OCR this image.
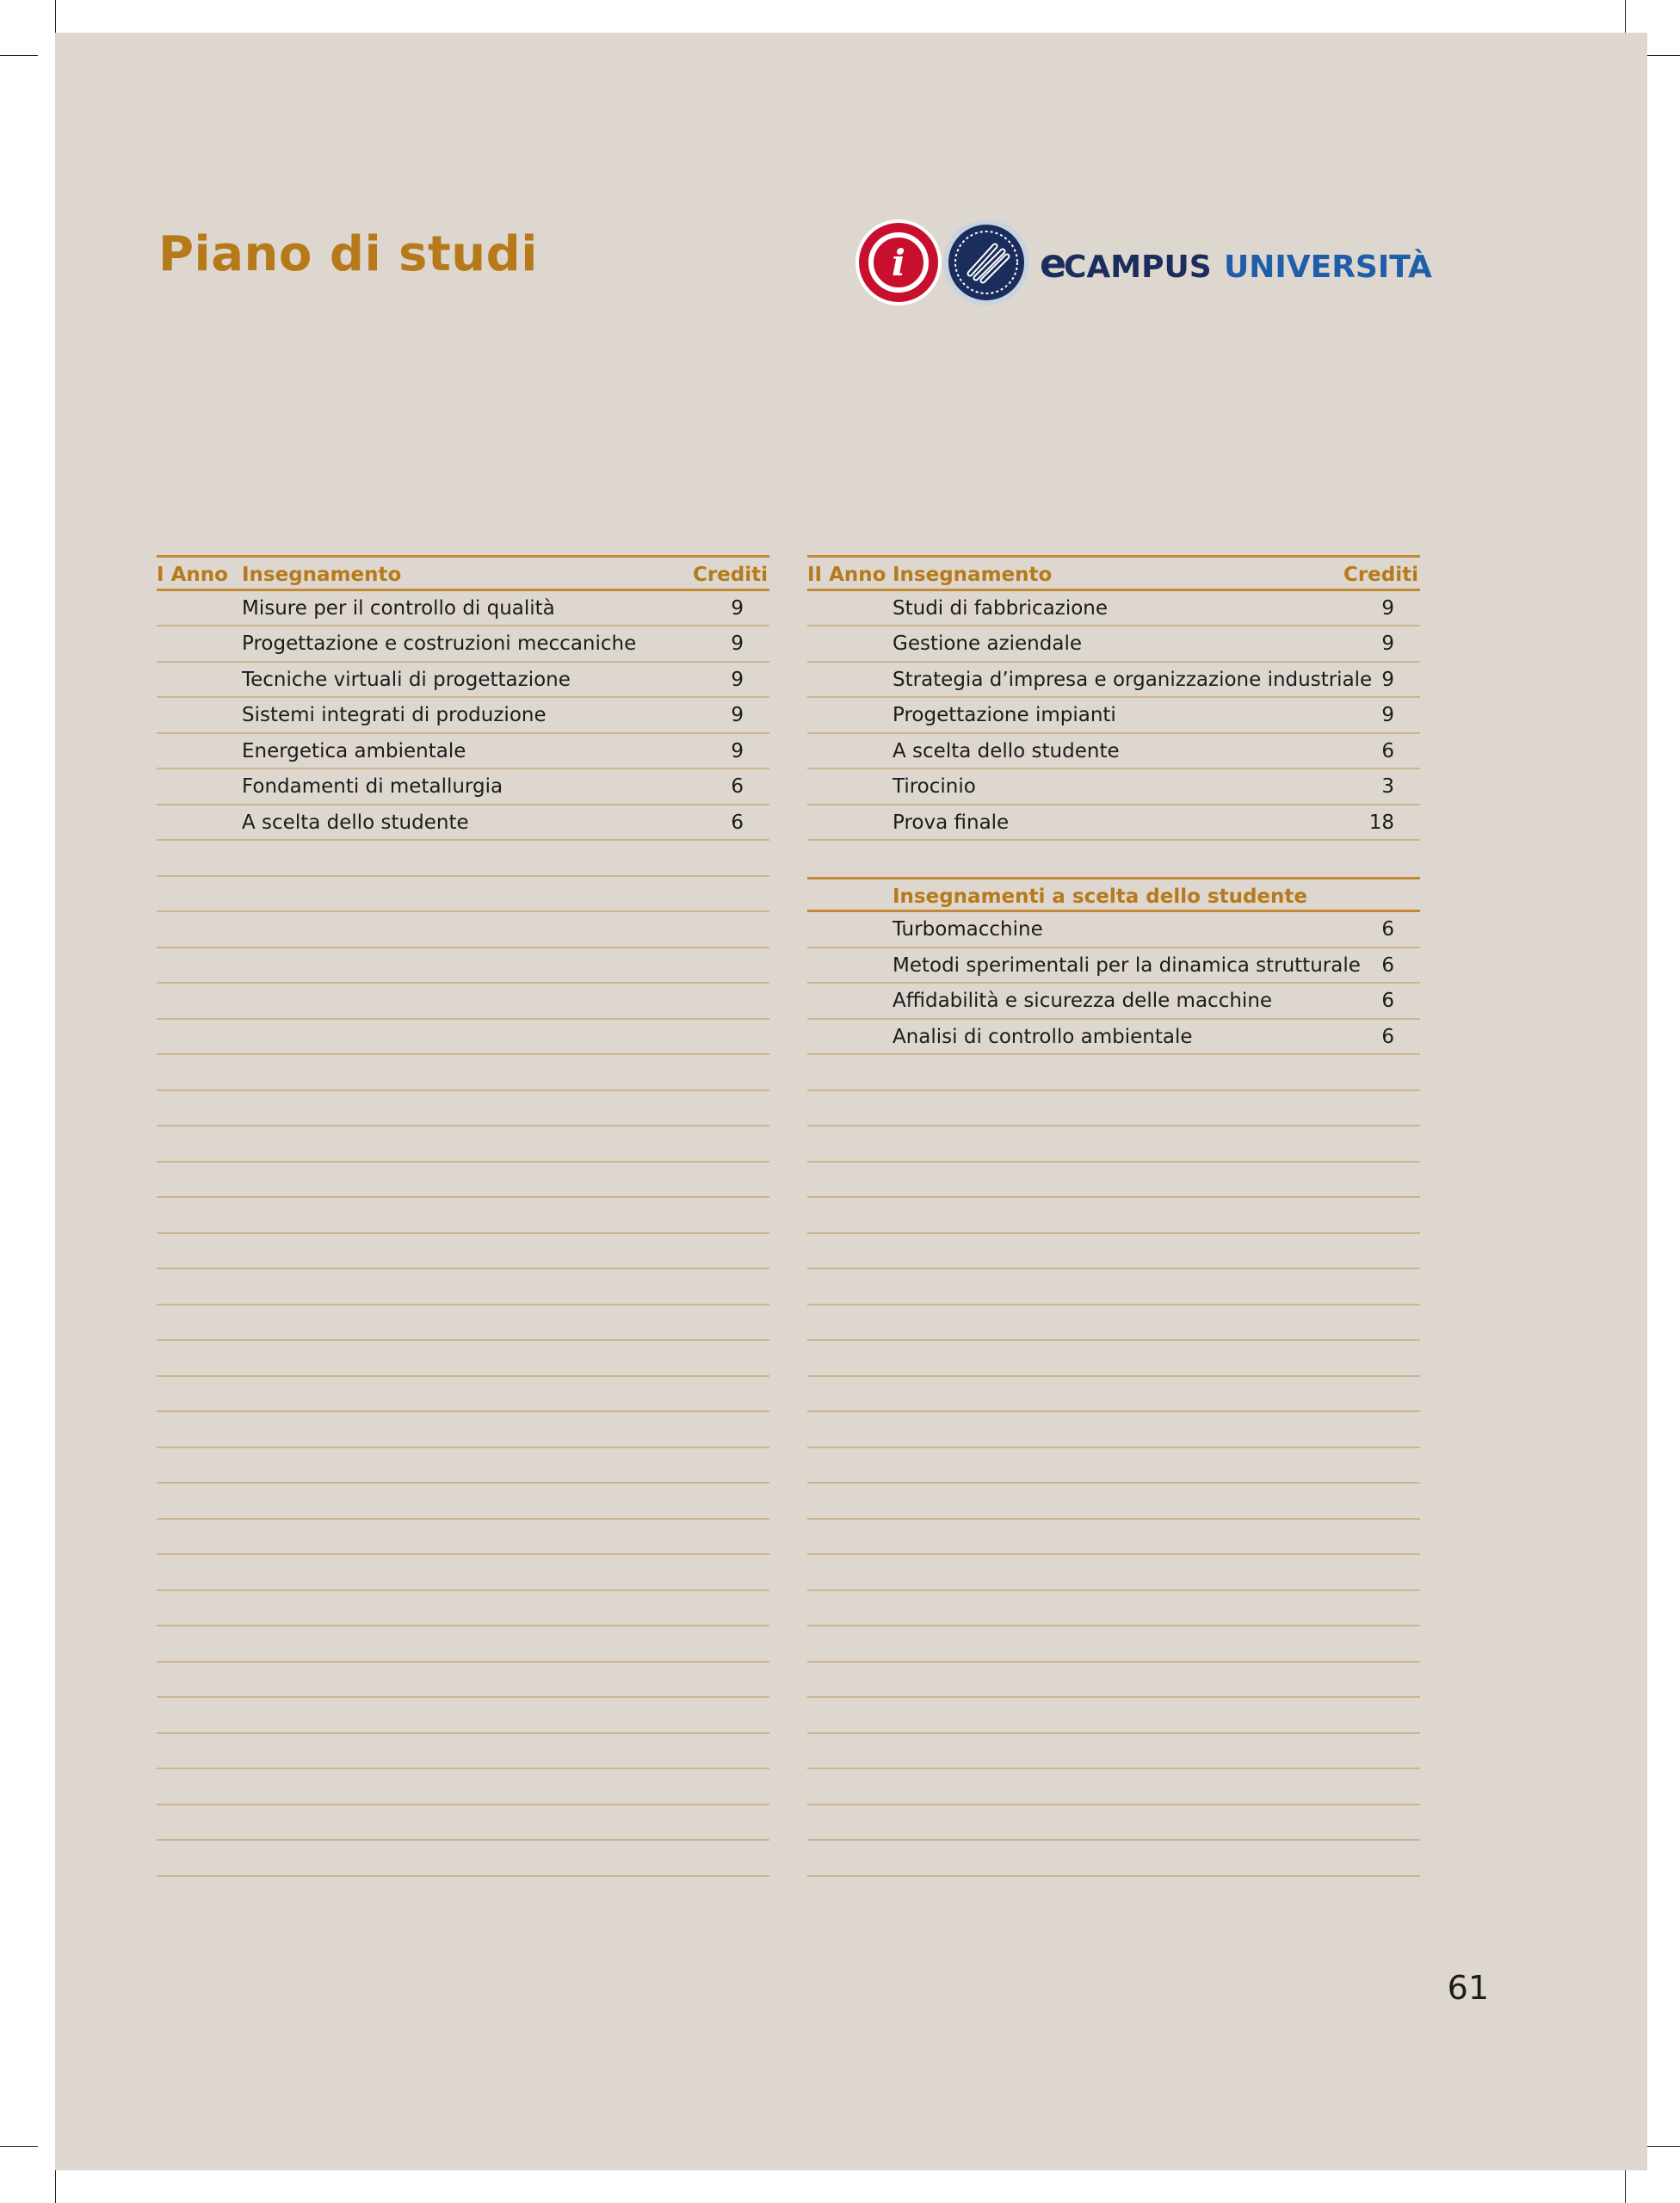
Piano di studi	i	e
CAMPUS UNIVERSITÀ
I Anno Insegnamento	Crediti
Misure per il controllo di qualità	9
Progettazione e costruzioni meccaniche	9
Tecniche virtuali di progettazione	9
Sistemi integrati di produzione	9
Energetica ambientale	9
Fondamenti di metallurgia	6
A scelta dello studente	6
II Anno Insegnamento	Crediti
Studi di fabbricazione	9
Gestione aziendale	9
Strategia d’impresa e organizzazione industriale 9
Progettazione impianti	9
A scelta dello studente	6
Tirocinio	3
Prova finale	18
Insegnamenti a scelta dello studente
Turbomacchine	6
Metodi sperimentali per la dinamica strutturale 6
Affidabilità e sicurezza delle macchine	6
Analisi di controllo ambientale	6
61
